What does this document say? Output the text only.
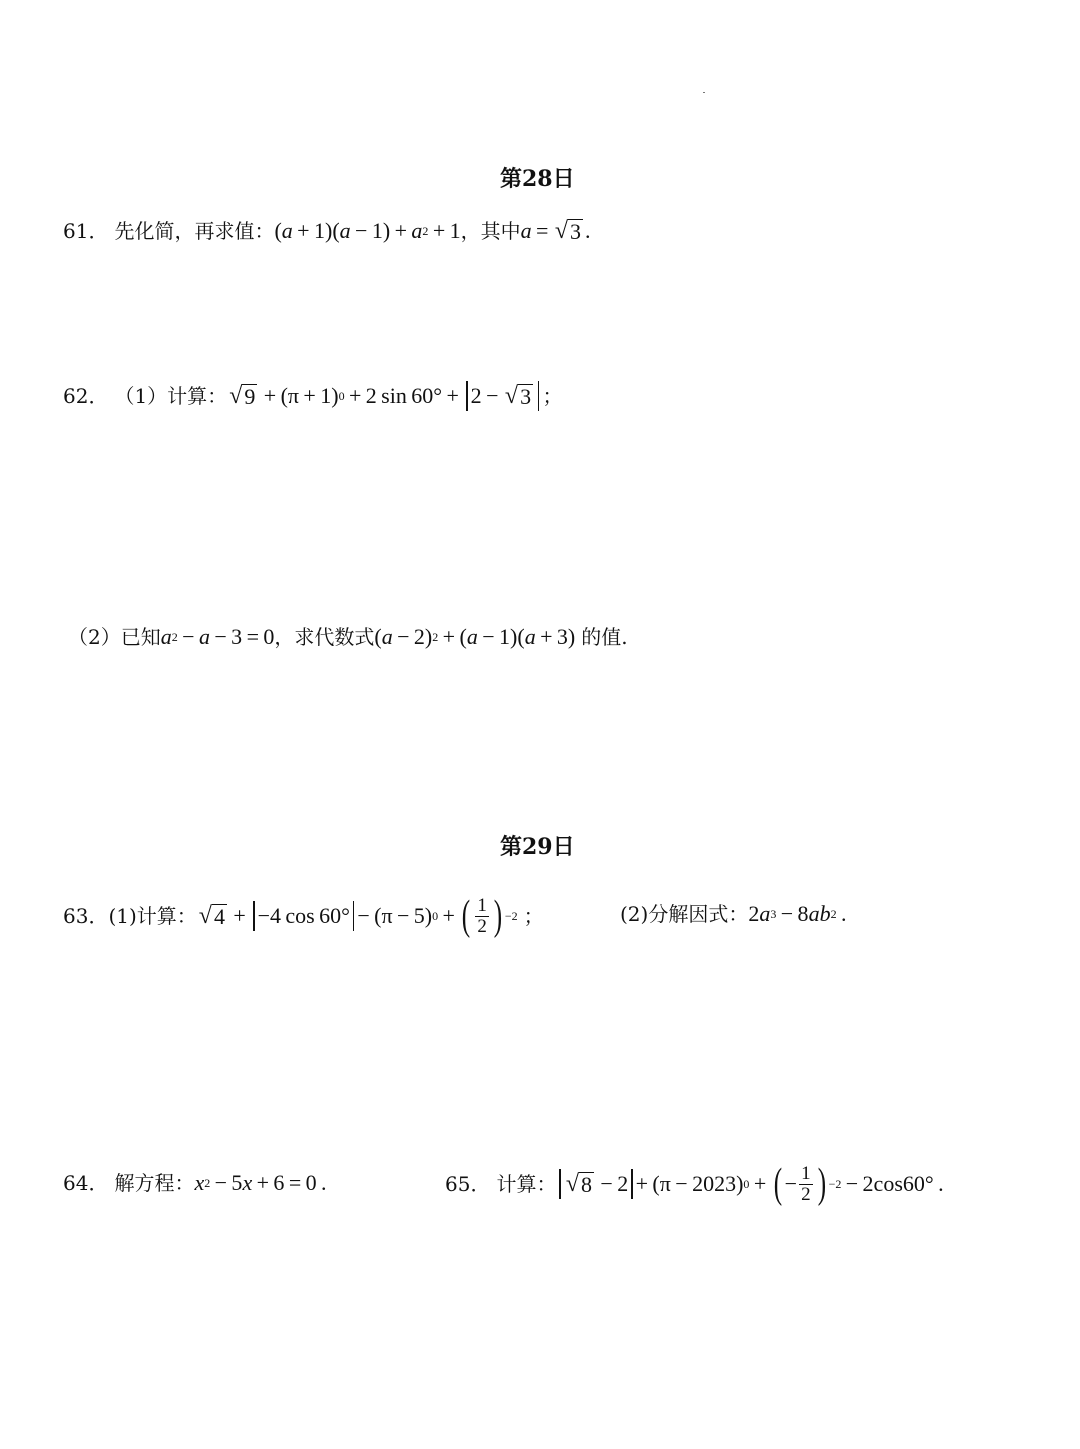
第28日
61． 先化简，再求值： ( a  + 1)( a  − 1) +  a 2  + 1 ，其中 a  =  √ 3 .
62． （1）计算： √ 9  + (π + 1) 0  + 2 sin 60° + 
2 −  √ 3 ；
（2）已知 a 2  −  a  − 3 = 0 ，求代数式 ( a  − 2) 2  + ( a  − 1)( a  + 3) 的值.
第29日
63． (1)计算： √ 4  + 
−4 cos 60° − (π − 5) 0  +  ( $\frac{1}{2}$ ) −2 ；	(2)分解因式： 2 a 3  − 8 ab 2  .
64． 解方程： x 2  − 5 x  + 6 = 0 .	65． 计算： √ 8  − 2 + (π − 2023) 0  +  ( − $\frac{1}{2}$ ) −2  − 2cos60° .
